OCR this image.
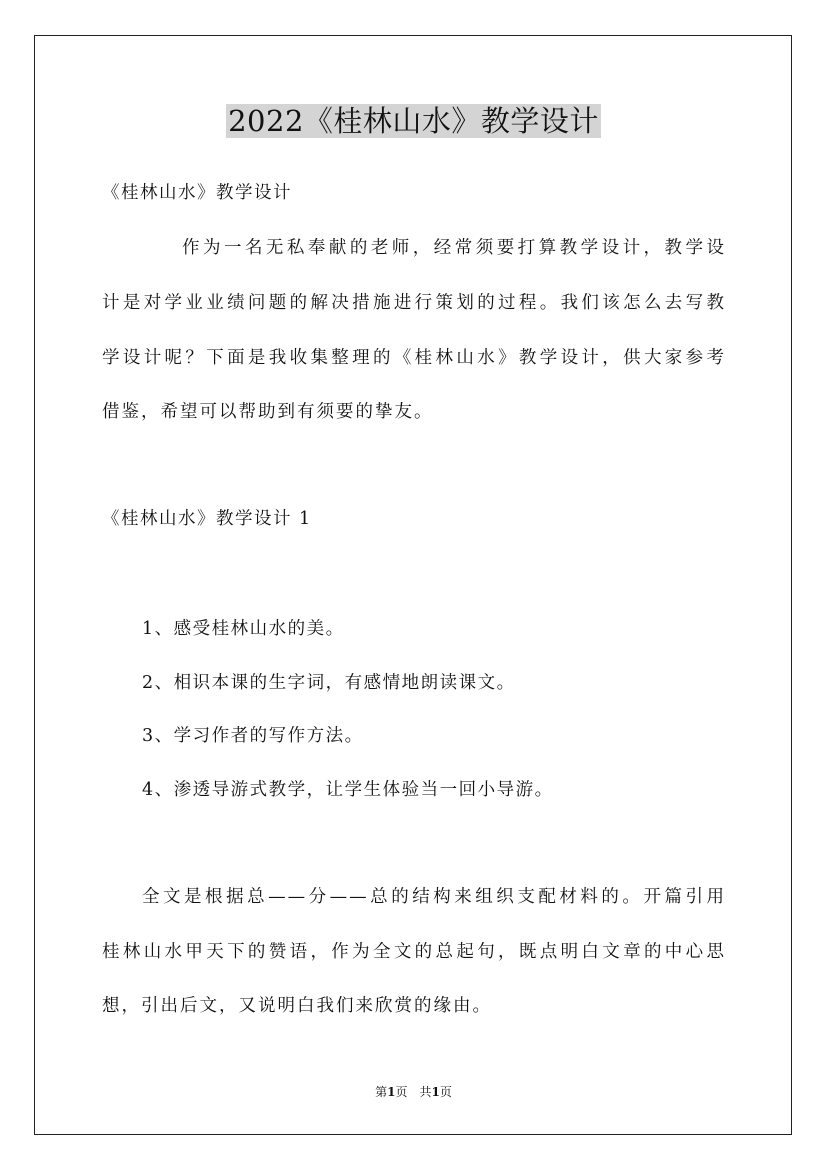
2022《桂林山水》教学设计
《桂林山水》教学设计
作为一名无私奉献的老师，经常须要打算教学设计，教学设
计是对学业业绩问题的解决措施进行策划的过程。我们该怎么去写教
学设计呢？下面是我收集整理的《桂林山水》教学设计，供大家参考
借鉴，希望可以帮助到有须要的挚友。
《桂林山水》教学设计 1
1、感受桂林山水的美。
2、相识本课的生字词，有感情地朗读课文。
3、学习作者的写作方法。
4、渗透导游式教学，让学生体验当一回小导游。
全文是根据总——分——总的结构来组织支配材料的。开篇引用
桂林山水甲天下的赞语，作为全文的总起句，既点明白文章的中心思
想，引出后文，又说明白我们来欣赏的缘由。
第1页　共1页
